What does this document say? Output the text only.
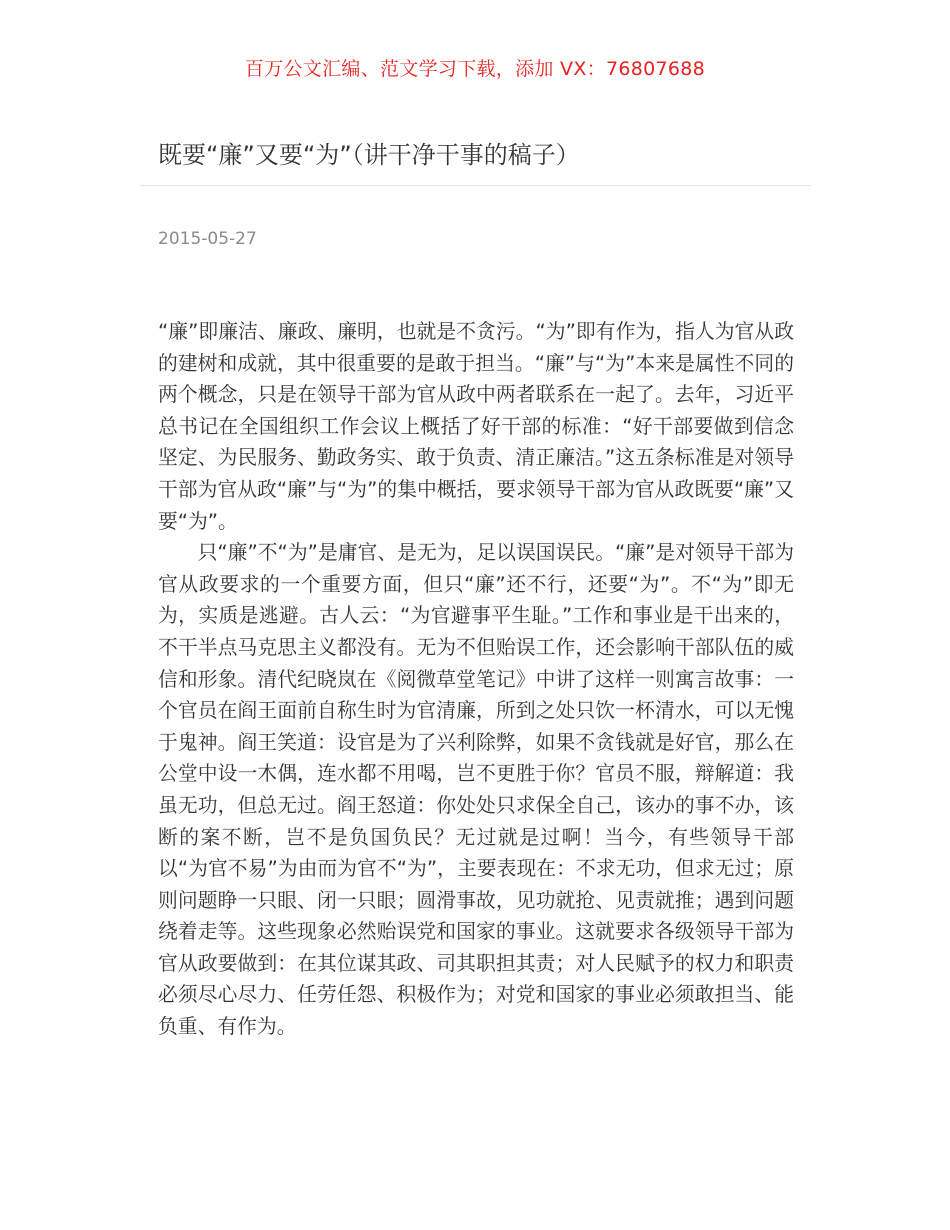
百万公文汇编、范文学习下载，添加 VX：76807688
既要“廉”又要“为”（讲干净干事的稿子）
2015-05-27

“廉”即廉洁、廉政、廉明，也就是不贪污。“为”即有作为，指人为官从政的建树和成就，其中很重要的是敢于担当。“廉”与“为”本来是属性不同的两个概念，只是在领导干部为官从政中两者联系在一起了。去年，习近平总书记在全国组织工作会议上概括了好干部的标准：“好干部要做到信念坚定、为民服务、勤政务实、敢于负责、清正廉洁。”这五条标准是对领导干部为官从政“廉”与“为”的集中概括，要求领导干部为官从政既要“廉”又要“为”。

只“廉”不“为”是庸官、是无为，足以误国误民。“廉”是对领导干部为官从政要求的一个重要方面，但只“廉”还不行，还要“为”。不“为”即无为，实质是逃避。古人云：“为官避事平生耻。”工作和事业是干出来的，不干半点马克思主义都没有。无为不但贻误工作，还会影响干部队伍的威信和形象。清代纪晓岚在《阅微草堂笔记》中讲了这样一则寓言故事：一个官员在阎王面前自称生时为官清廉，所到之处只饮一杯清水，可以无愧于鬼神。阎王笑道：设官是为了兴利除弊，如果不贪钱就是好官，那么在公堂中设一木偶，连水都不用喝，岂不更胜于你？官员不服，辩解道：我虽无功，但总无过。阎王怒道：你处处只求保全自己，该办的事不办，该断的案不断，岂不是负国负民？无过就是过啊！当今，有些领导干部以“为官不易”为由而为官不“为”，主要表现在：不求无功，但求无过；原则问题睁一只眼、闭一只眼；圆滑事故，见功就抢、见责就推；遇到问题绕着走等。这些现象必然贻误党和国家的事业。这就要求各级领导干部为官从政要做到：在其位谋其政、司其职担其责；对人民赋予的权力和职责必须尽心尽力、任劳任怨、积极作为；对党和国家的事业必须敢担当、能负重、有作为。
